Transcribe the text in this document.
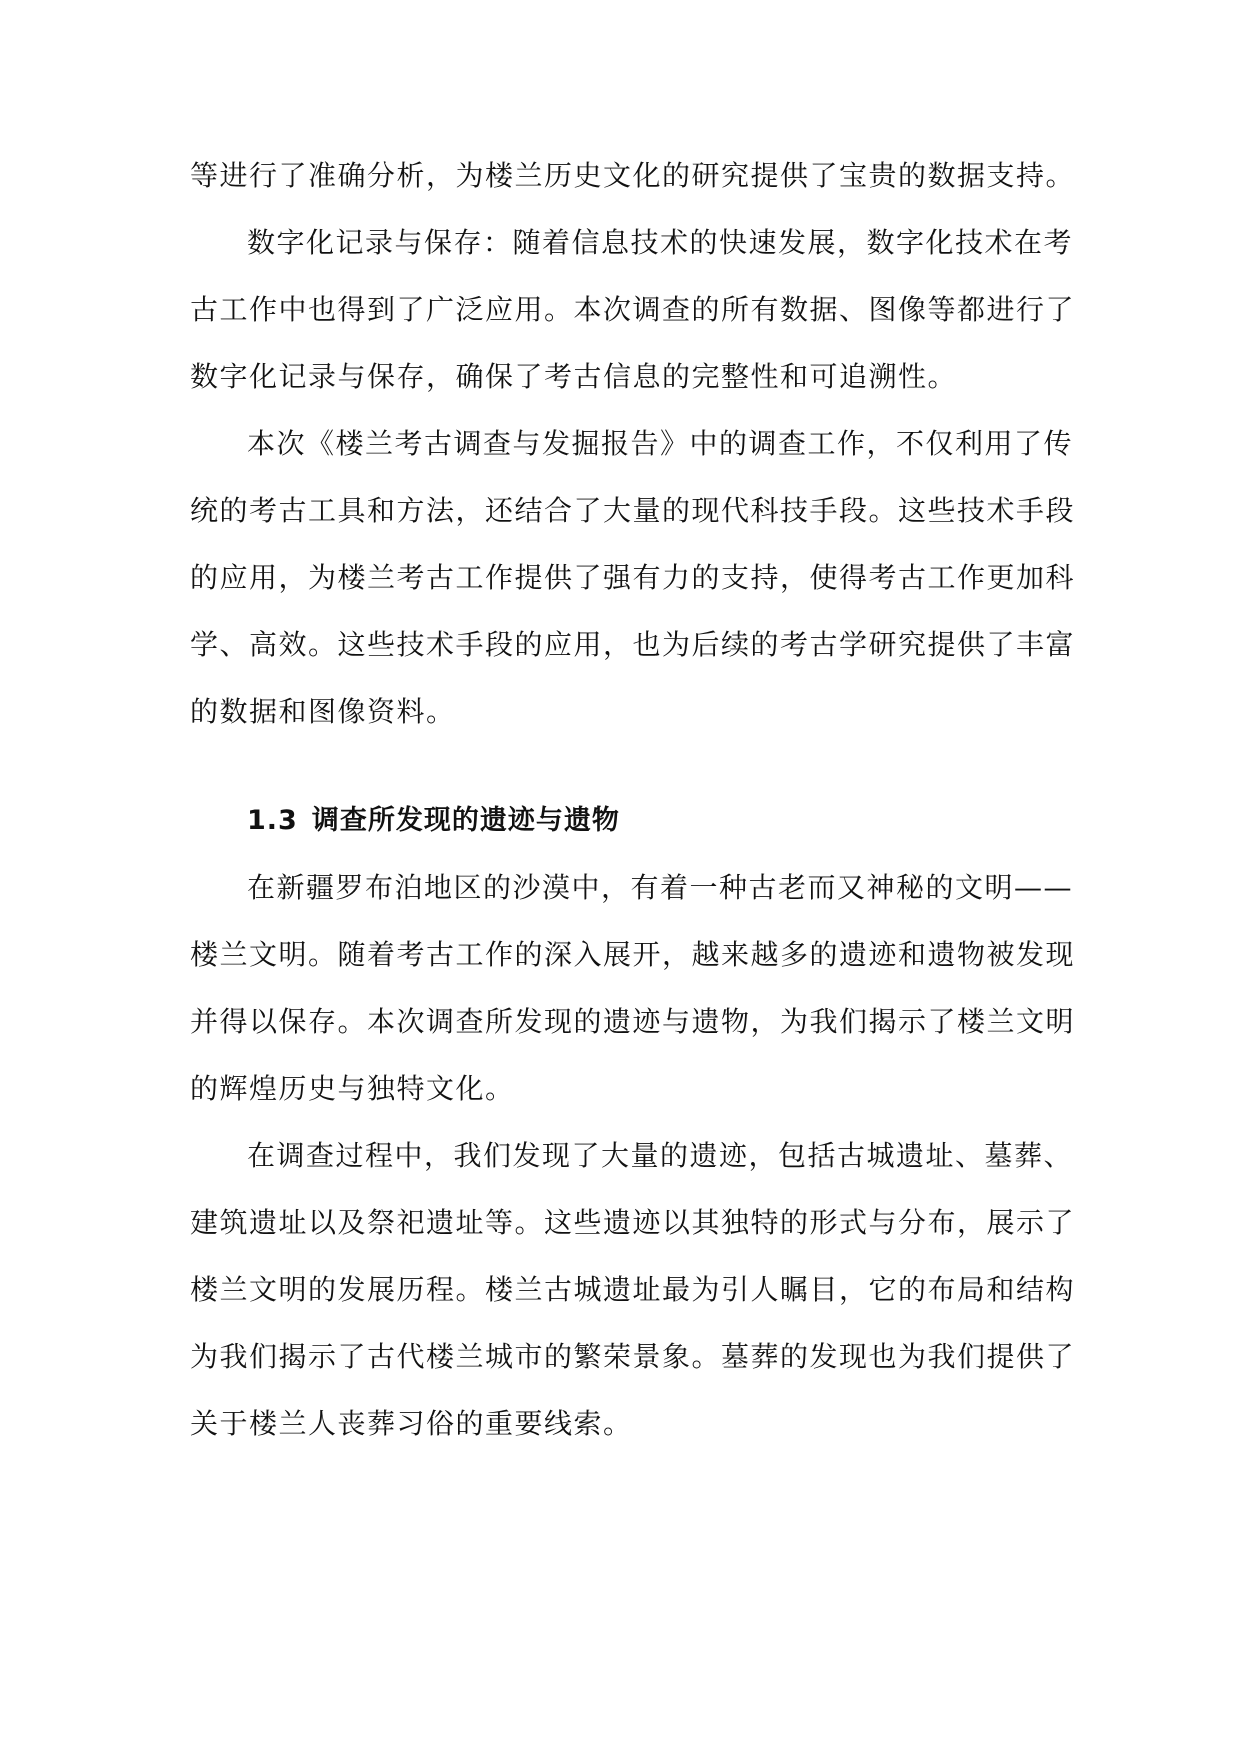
等进行了准确分析，为楼兰历史文化的研究提供了宝贵的数据支持。
数字化记录与保存：随着信息技术的快速发展，数字化技术在考
古工作中也得到了广泛应用。本次调查的所有数据、图像等都进行了
数字化记录与保存，确保了考古信息的完整性和可追溯性。
本次《楼兰考古调查与发掘报告》中的调查工作，不仅利用了传
统的考古工具和方法，还结合了大量的现代科技手段。这些技术手段
的应用，为楼兰考古工作提供了强有力的支持，使得考古工作更加科
学、高效。这些技术手段的应用，也为后续的考古学研究提供了丰富
的数据和图像资料。
1.3 调查所发现的遗迹与遗物
在新疆罗布泊地区的沙漠中，有着一种古老而又神秘的文明——
楼兰文明。随着考古工作的深入展开，越来越多的遗迹和遗物被发现
并得以保存。本次调查所发现的遗迹与遗物，为我们揭示了楼兰文明
的辉煌历史与独特文化。
在调查过程中，我们发现了大量的遗迹，包括古城遗址、墓葬、
建筑遗址以及祭祀遗址等。这些遗迹以其独特的形式与分布，展示了
楼兰文明的发展历程。楼兰古城遗址最为引人瞩目，它的布局和结构
为我们揭示了古代楼兰城市的繁荣景象。墓葬的发现也为我们提供了
关于楼兰人丧葬习俗的重要线索。
